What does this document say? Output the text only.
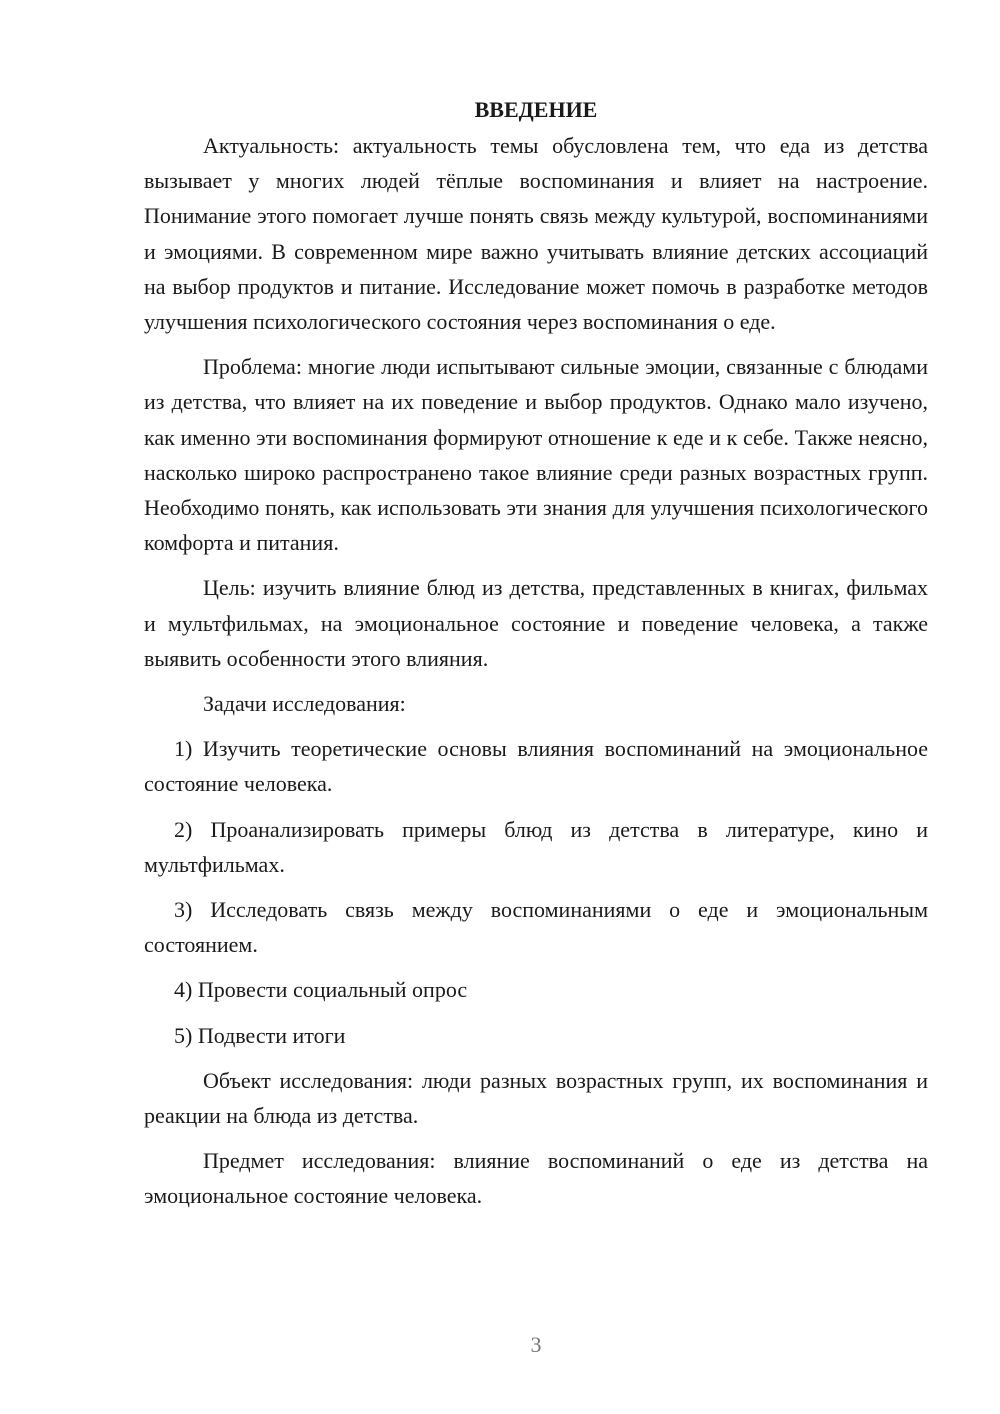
ВВЕДЕНИЕ

Актуальность: актуальность темы обусловлена тем, что еда из детства вызывает у многих людей тёплые воспоминания и влияет на настроение. Понимание этого помогает лучше понять связь между культурой, воспоминаниями и эмоциями. В современном мире важно учитывать влияние детских ассоциаций на выбор продуктов и питание. Исследование может помочь в разработке методов улучшения психологического состояния через воспоминания о еде.

Проблема: многие люди испытывают сильные эмоции, связанные с блюдами из детства, что влияет на их поведение и выбор продуктов. Однако мало изучено, как именно эти воспоминания формируют отношение к еде и к себе. Также неясно, насколько широко распространено такое влияние среди разных возрастных групп. Необходимо понять, как использовать эти знания для улучшения психологического комфорта и питания.

Цель: изучить влияние блюд из детства, представленных в книгах, фильмах и мультфильмах, на эмоциональное состояние и поведение человека, а также выявить особенности этого влияния.

Задачи исследования:

1) Изучить теоретические основы влияния воспоминаний на эмоциональное состояние человека.

2) Проанализировать примеры блюд из детства в литературе, кино и мультфильмах.

3) Исследовать связь между воспоминаниями о еде и эмоциональным состоянием.

4) Провести социальный опрос

5) Подвести итоги

Объект исследования: люди разных возрастных групп, их воспоминания и реакции на блюда из детства.

Предмет исследования: влияние воспоминаний о еде из детства на эмоциональное состояние человека.

3
